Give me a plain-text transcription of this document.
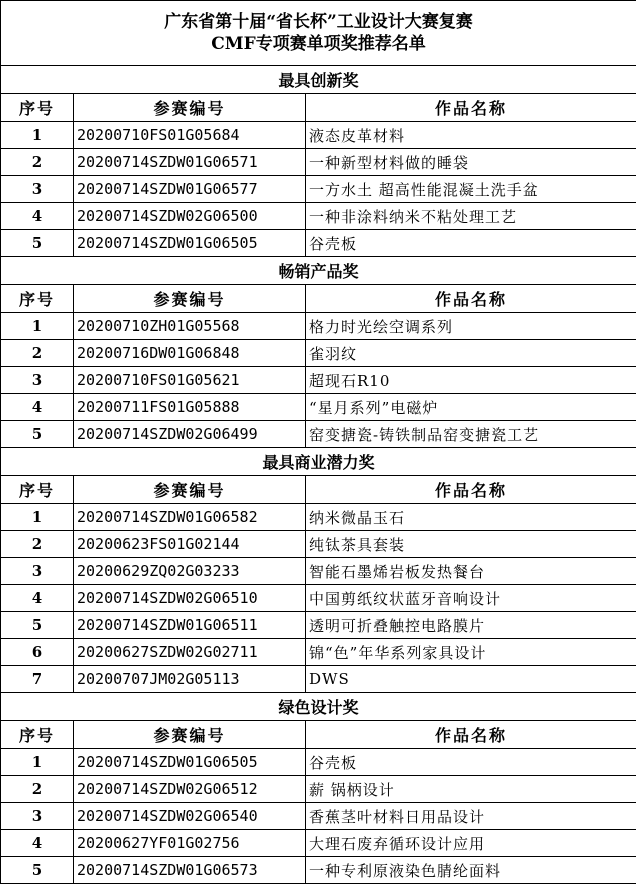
广东省第十届“省长杯”工业设计大赛复赛
CMF专项赛单项奖推荐名单		

最具创新奖		
序号	参赛编号	作品名称
1	20200710FS01G05684	液态皮革材料
2	20200714SZDW01G06571	一种新型材料做的睡袋
3	20200714SZDW01G06577	一方水土 超高性能混凝土洗手盆
4	20200714SZDW02G06500	一种非涂料纳米不粘处理工艺
5	20200714SZDW01G06505	谷壳板
畅销产品奖		
序号	参赛编号	作品名称
1	20200710ZH01G05568	格力时光绘空调系列
2	20200716DW01G06848	雀羽纹
3	20200710FS01G05621	超现石R10
4	20200711FS01G05888	“星月系列”电磁炉
5	20200714SZDW02G06499	窑变搪瓷-铸铁制品窑变搪瓷工艺
最具商业潜力奖		
序号	参赛编号	作品名称
1	20200714SZDW01G06582	纳米微晶玉石
2	20200623FS01G02144	纯钛茶具套装
3	20200629ZQ02G03233	智能石墨烯岩板发热餐台
4	20200714SZDW02G06510	中国剪纸纹状蓝牙音响设计
5	20200714SZDW01G06511	透明可折叠触控电路膜片
6	20200627SZDW02G02711	锦“色”年华系列家具设计
7	20200707JM02G05113	DWS
绿色设计奖		
序号	参赛编号	作品名称
1	20200714SZDW01G06505	谷壳板
2	20200714SZDW02G06512	薪 锅柄设计
3	20200714SZDW02G06540	香蕉茎叶材料日用品设计
4	20200627YF01G02756	大理石废弃循环设计应用
5	20200714SZDW01G06573	一种专利原液染色腈纶面料
